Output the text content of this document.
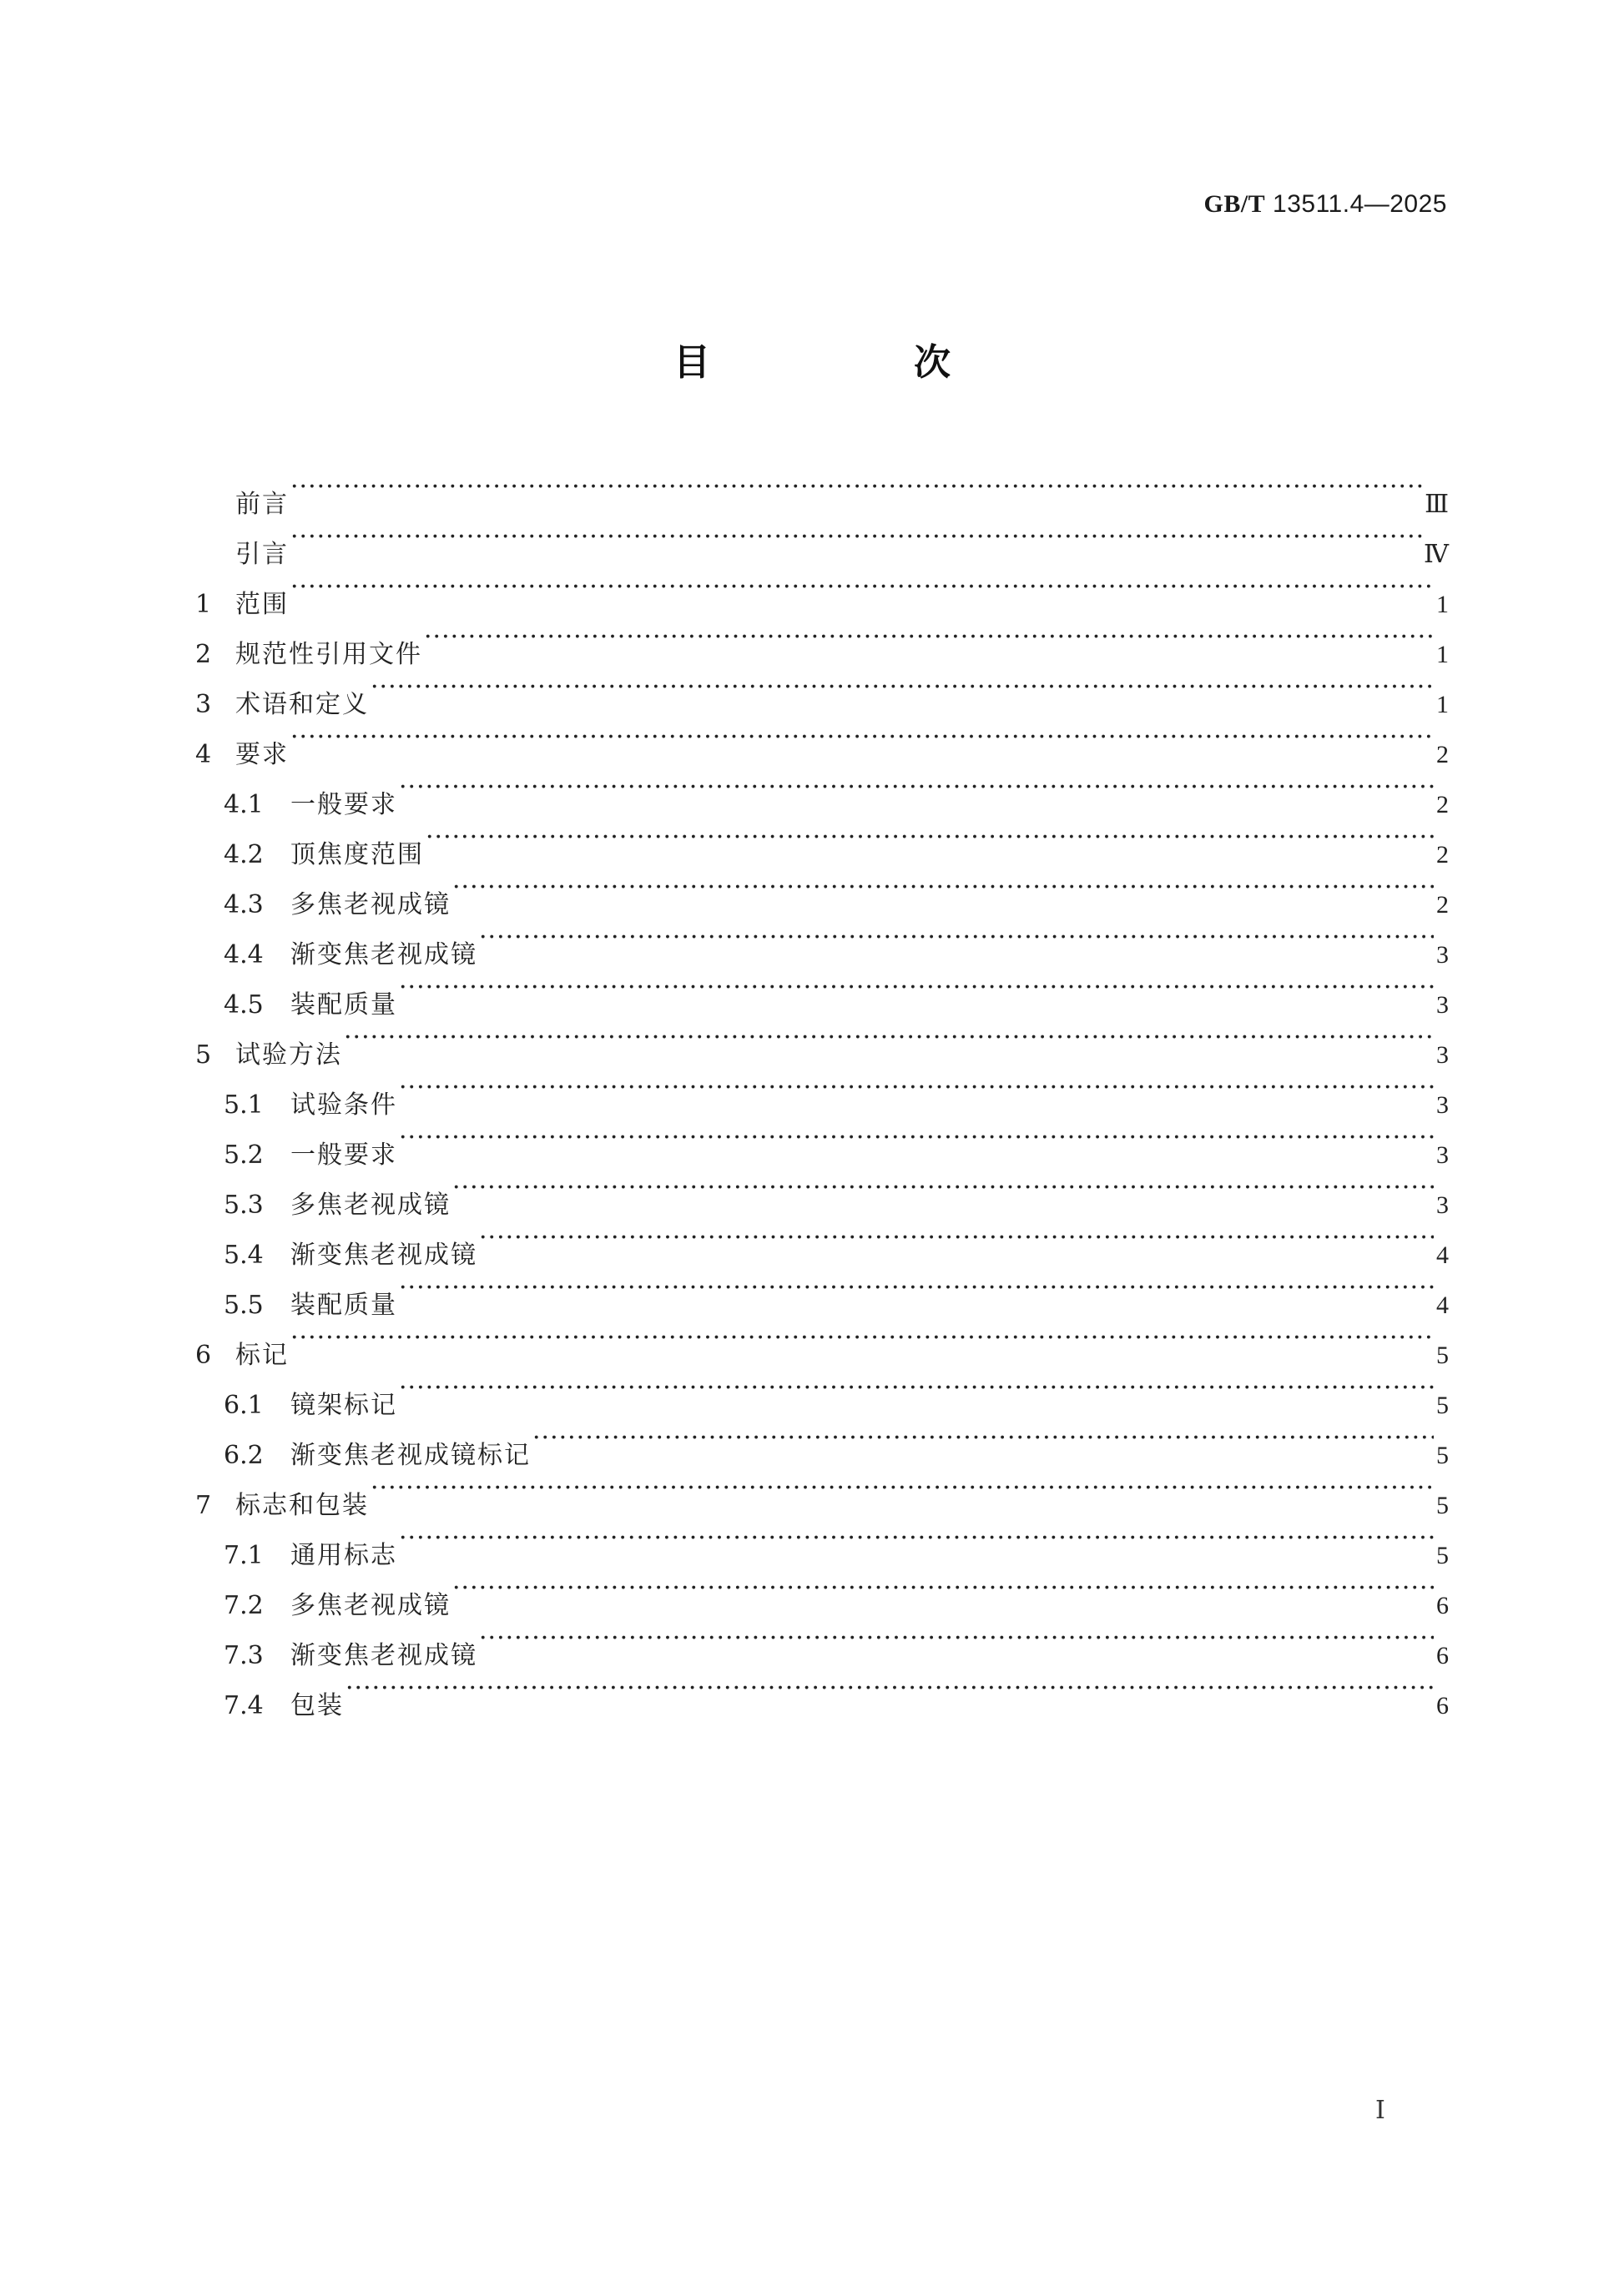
GB/T 13511.4—2025
目　次
前言 ·····	Ⅲ
引言 ·····	Ⅳ
1 范围 ·····	1
2 规范性引用文件 ·····	1
3 术语和定义 ·····	1
4 要求 ·····	2
4.1	一般要求 ·····	2
4.2	顶焦度范围 ·····	2
4.3	多焦老视成镜 ·····	2
4.4	渐变焦老视成镜 ·····	3
4.5	装配质量 ·····	3
5 试验方法 ·····	3
5.1	试验条件 ·····	3
5.2	一般要求 ·····	3
5.3	多焦老视成镜 ·····	3
5.4	渐变焦老视成镜 ·····	4
5.5	装配质量 ·····	4
6 标记 ·····	5
6.1	镜架标记 ·····	5
6.2	渐变焦老视成镜标记 ·····	5
7 标志和包装 ·····	5
7.1	通用标志 ·····	5
7.2	多焦老视成镜 ·····	6
7.3	渐变焦老视成镜 ·····	6
7.4	包装 ·····	6
Ⅰ
